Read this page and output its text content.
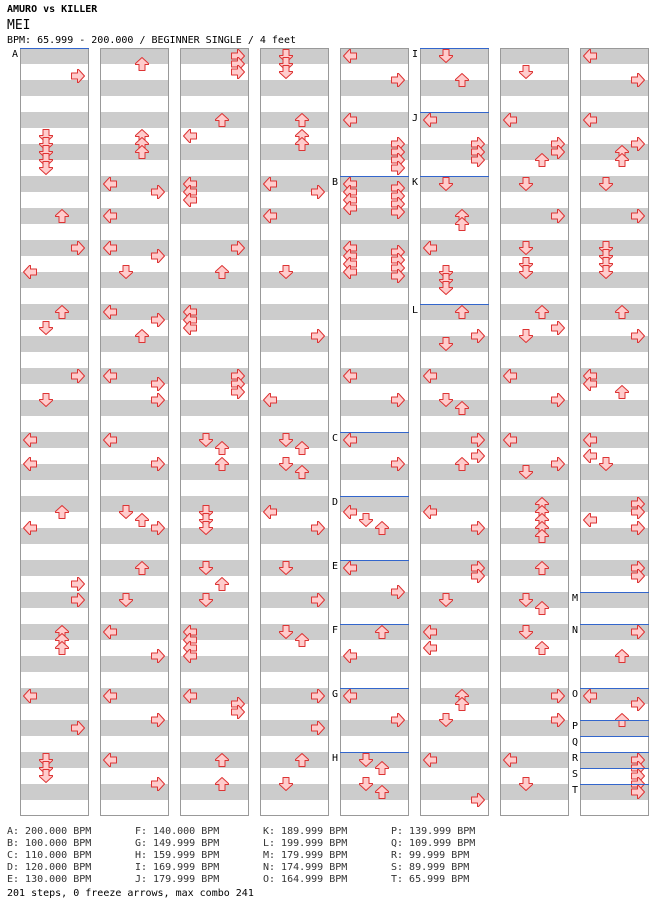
AMURO vs KILLER
MEI
BPM: 65.999 - 200.000 / BEGINNER SINGLE / 4 feet
A
B
C
D
E
F
G
H
I
J
K
L
M
N
O
P
Q
R
S
T
A: 200.000 BPM
B: 100.000 BPM
C: 110.000 BPM
D: 120.000 BPM
E: 130.000 BPM
F: 140.000 BPM
G: 149.999 BPM
H: 159.999 BPM
I: 169.999 BPM
J: 179.999 BPM
K: 189.999 BPM
L: 199.999 BPM
M: 179.999 BPM
N: 174.999 BPM
O: 164.999 BPM
P: 139.999 BPM
Q: 109.999 BPM
R: 99.999 BPM
S: 89.999 BPM
T: 65.999 BPM
201 steps, 0 freeze arrows, max combo 241
